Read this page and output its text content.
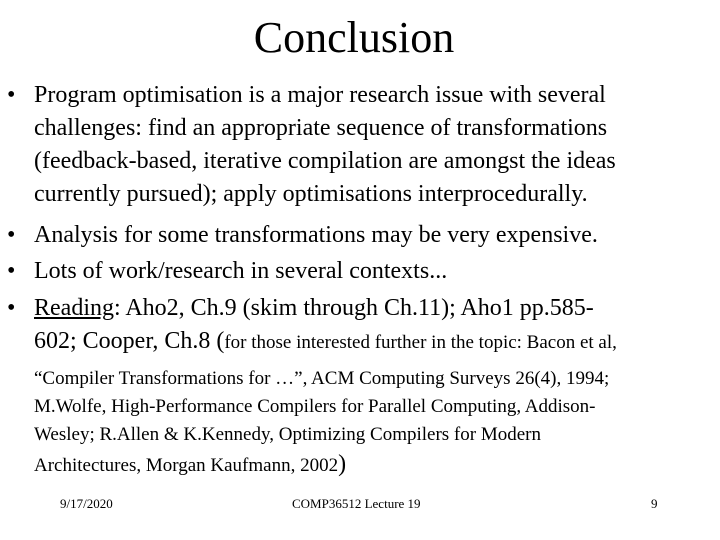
Conclusion
• Program optimisation is a major research issue with several
challenges: find an appropriate sequence of transformations
(feedback-based, iterative compilation are amongst the ideas
currently pursued); apply optimisations interprocedurally.
• Analysis for some transformations may be very expensive.
• Lots of work/research in several contexts...
• Reading: Aho2, Ch.9 (skim through Ch.11); Aho1 pp.585-
602; Cooper, Ch.8 (for those interested further in the topic: Bacon et al,
“Compiler Transformations for …”, ACM Computing Surveys 26(4), 1994;
M.Wolfe, High-Performance Compilers for Parallel Computing, Addison-
Wesley; R.Allen & K.Kennedy, Optimizing Compilers for Modern
Architectures, Morgan Kaufmann, 2002)
9/17/2020	COMP36512 Lecture 19	9
